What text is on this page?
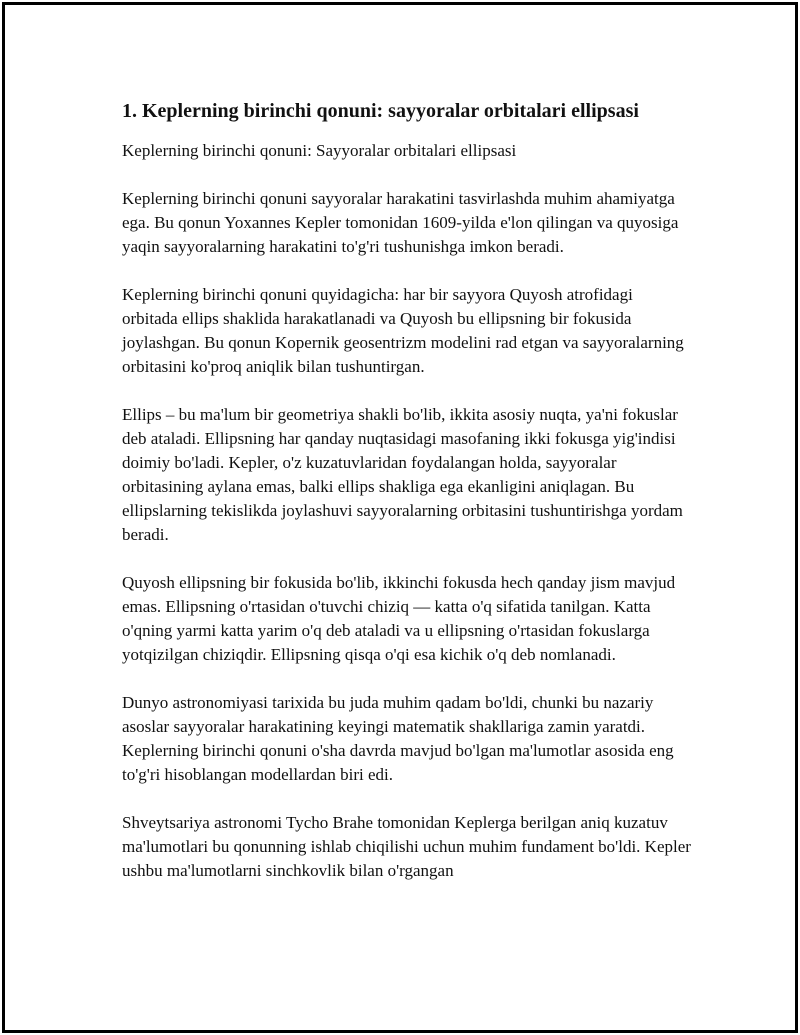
1. Keplerning birinchi qonuni: sayyoralar orbitalari ellipsasi

Keplerning birinchi qonuni: Sayyoralar orbitalari ellipsasi

Keplerning birinchi qonuni sayyoralar harakatini tasvirlashda muhim ahamiyatga ega. Bu qonun Yoxannes Kepler tomonidan 1609-yilda e'lon qilingan va quyosiga yaqin sayyoralarning harakatini to'g'ri tushunishga imkon beradi.

Keplerning birinchi qonuni quyidagicha: har bir sayyora Quyosh atrofidagi orbitada ellips shaklida harakatlanadi va Quyosh bu ellipsning bir fokusida joylashgan. Bu qonun Kopernik geosentrizm modelini rad etgan va sayyoralarning orbitasini ko'proq aniqlik bilan tushuntirgan.

Ellips – bu ma'lum bir geometriya shakli bo'lib, ikkita asosiy nuqta, ya'ni fokuslar deb ataladi. Ellipsning har qanday nuqtasidagi masofaning ikki fokusga yig'indisi doimiy bo'ladi. Kepler, o'z kuzatuvlaridan foydalangan holda, sayyoralar orbitasining aylana emas, balki ellips shakliga ega ekanligini aniqlagan. Bu ellipslarning tekislikda joylashuvi sayyoralarning orbitasini tushuntirishga yordam beradi.

Quyosh ellipsning bir fokusida bo'lib, ikkinchi fokusda hech qanday jism mavjud emas. Ellipsning o'rtasidan o'tuvchi chiziq — katta o'q sifatida tanilgan. Katta o'qning yarmi katta yarim o'q deb ataladi va u ellipsning o'rtasidan fokuslarga yotqizilgan chiziqdir. Ellipsning qisqa o'qi esa kichik o'q deb nomlanadi.

Dunyo astronomiyasi tarixida bu juda muhim qadam bo'ldi, chunki bu nazariy asoslar sayyoralar harakatining keyingi matematik shakllariga zamin yaratdi. Keplerning birinchi qonuni o'sha davrda mavjud bo'lgan ma'lumotlar asosida eng to'g'ri hisoblangan modellardan biri edi.

Shveytsariya astronomi Tycho Brahe tomonidan Keplerga berilgan aniq kuzatuv ma'lumotlari bu qonunning ishlab chiqilishi uchun muhim fundament bo'ldi. Kepler ushbu ma'lumotlarni sinchkovlik bilan o'rgangan
